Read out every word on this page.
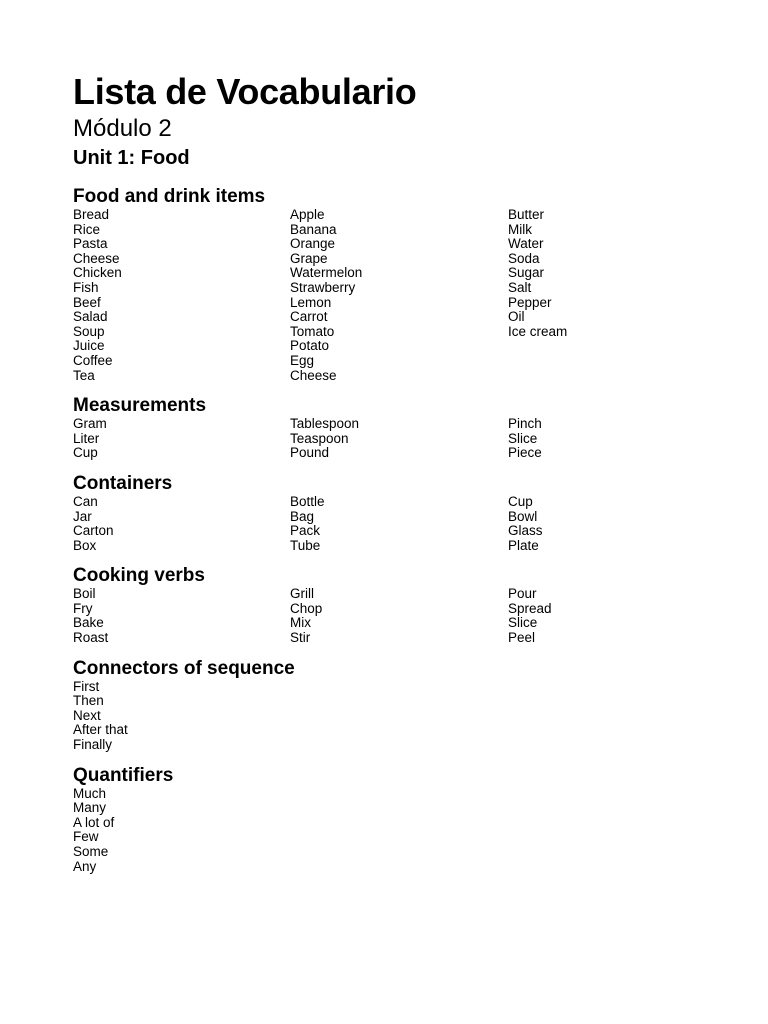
Lista de Vocabulario
Módulo 2
Unit 1: Food
Food and drink items
Bread
Rice
Pasta
Cheese
Chicken
Fish
Beef
Salad
Soup
Juice
Coffee
Tea
Apple
Banana
Orange
Grape
Watermelon
Strawberry
Lemon
Carrot
Tomato
Potato
Egg
Cheese
Butter
Milk
Water
Soda
Sugar
Salt
Pepper
Oil
Ice cream
Measurements
Gram
Liter
Cup
Tablespoon
Teaspoon
Pound
Pinch
Slice
Piece
Containers
Can
Jar
Carton
Box
Bottle
Bag
Pack
Tube
Cup
Bowl
Glass
Plate
Cooking verbs
Boil
Fry
Bake
Roast
Grill
Chop
Mix
Stir
Pour
Spread
Slice
Peel
Connectors of sequence
First
Then
Next
After that
Finally
Quantifiers
Much
Many
A lot of
Few
Some
Any
